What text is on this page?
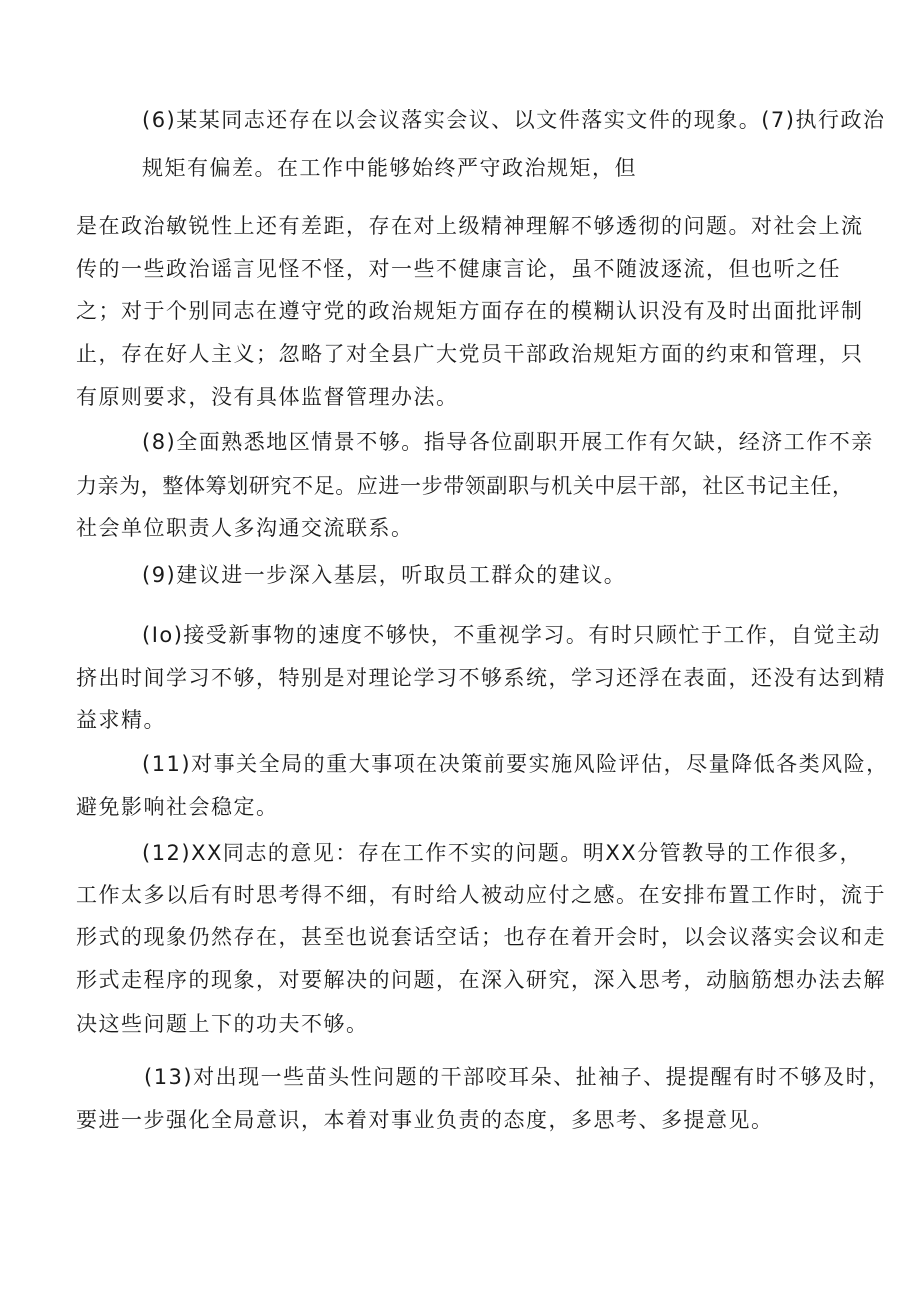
(6)某某同志还存在以会议落实会议、以文件落实文件的现象。(7)执行政治
规矩有偏差。在工作中能够始终严守政治规矩，但
是在政治敏锐性上还有差距，存在对上级精神理解不够透彻的问题。对社会上流
传的一些政治谣言见怪不怪，对一些不健康言论，虽不随波逐流，但也听之任
之；对于个别同志在遵守党的政治规矩方面存在的模糊认识没有及时出面批评制
止，存在好人主义；忽略了对全县广大党员干部政治规矩方面的约束和管理，只
有原则要求，没有具体监督管理办法。
(8)全面熟悉地区情景不够。指导各位副职开展工作有欠缺，经济工作不亲
力亲为，整体筹划研究不足。应进一步带领副职与机关中层干部，社区书记主任，
社会单位职责人多沟通交流联系。
(9)建议进一步深入基层，听取员工群众的建议。
(Io)接受新事物的速度不够快，不重视学习。有时只顾忙于工作，自觉主动
挤出时间学习不够，特别是对理论学习不够系统，学习还浮在表面，还没有达到精
益求精。
(11)对事关全局的重大事项在决策前要实施风险评估，尽量降低各类风险，
避免影响社会稳定。
(12)XX同志的意见：存在工作不实的问题。明XX分管教导的工作很多，
工作太多以后有时思考得不细，有时给人被动应付之感。在安排布置工作时，流于
形式的现象仍然存在，甚至也说套话空话；也存在着开会时，以会议落实会议和走
形式走程序的现象，对要解决的问题，在深入研究，深入思考，动脑筋想办法去解
决这些问题上下的功夫不够。
(13)对出现一些苗头性问题的干部咬耳朵、扯袖子、提提醒有时不够及时，
要进一步强化全局意识，本着对事业负责的态度，多思考、多提意见。
